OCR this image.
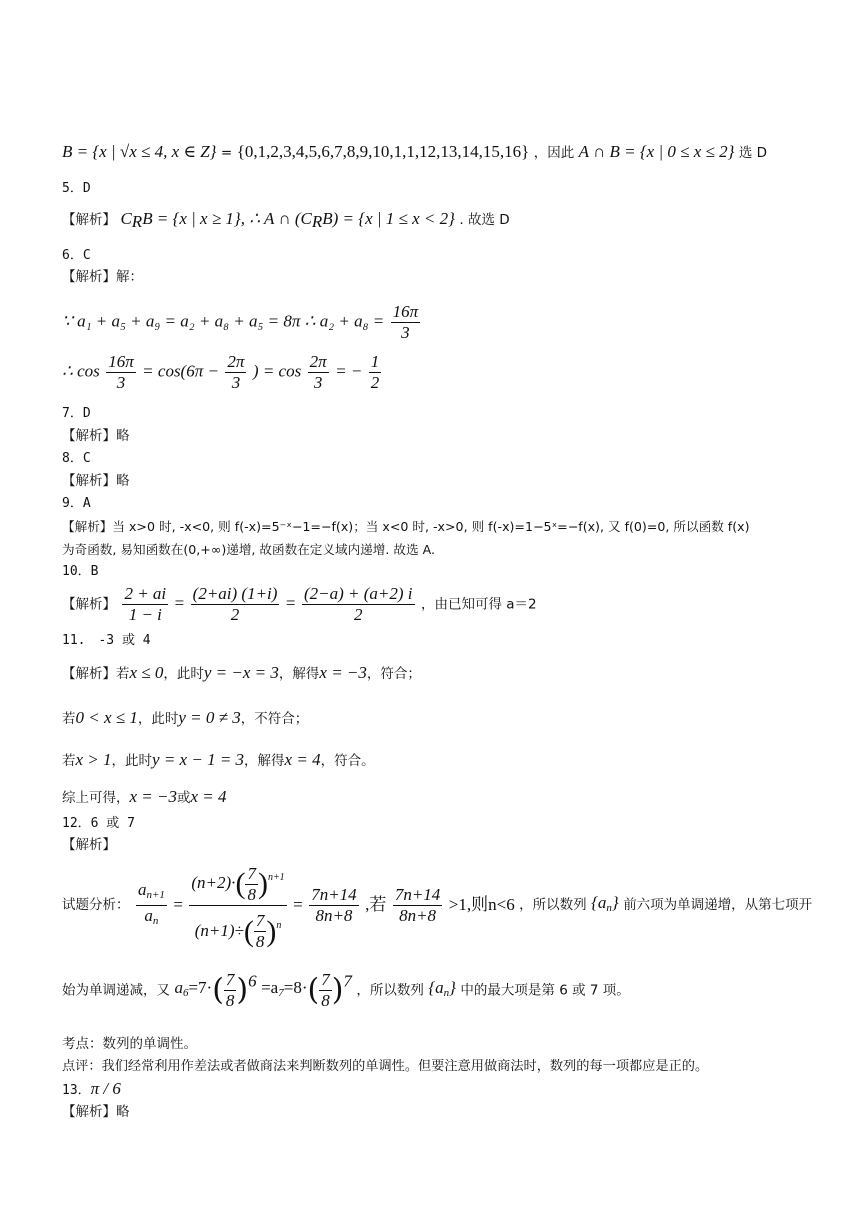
B = {x | √x ≤ 4, x ∈ Z} = {0,1,2,3,4,5,6,7,8,9,10,1,1,12,13,14,15,16} ，因此 A ∩ B = {x | 0 ≤ x ≤ 2} 选 D
5．D
【解析】 $C_RB = \{x$ | x ≥ 1}, ∴ A ∩ $(C_RB) = \{x$ | 1 ≤ x < 2} . 故选 D
6．C
【解析】解：
∵ a₁ + a₅ + a₉ = a₂ + a₈ + a₅ = 8π ∴ $a_2 + a_8 = \frac{16\pi}{3}$
∴ $\cos \frac{16\pi}{3} = \cos(6\pi - \frac{2\pi}{3}$ ) = $\cos \frac{2\pi}{3}$ = − $\frac{1}{2}$
7．D
【解析】略
8．C
【解析】略
9．A
【解析】当 x>0 时, -x<0, 则 f(-x)=5⁻ˣ−1=−f(x)；当 x<0 时, -x>0, 则 f(-x)=1−5ˣ=−f(x), 又 f(0)=0, 所以函数 f(x)
为奇函数, 易知函数在(0,+∞)递增, 故函数在定义域内递增. 故选 A.
10．B
【解析】 $\frac{2 + ai}{1 - i} = \frac{(2+ai) (1+i)}{2} = \frac{(2-a) + (a+2) i}{2}$ ，由已知可得 a＝2
11.　-3 或 4
【解析】若x ≤ 0，此时y = −x = 3，解得x = −3，符合；
若0 < x ≤ 1，此时y = 0 ≠ 3，不符合；
若x > 1，此时y = x − 1 = 3，解得x = 4，符合。
综上可得，x = −3或x = 4
12．6 或 7
【解析】
试题分析： $\frac{a_{n+1}}{a_n} = \frac{(n+2)\cdot( \frac{7}{8} )^{n+1}}{(n+1)\div( \frac{7}{8} )^n} = \frac{7n+14}{8n+8}$ ,若 $\frac{7n+14}{8n+8} >1$,则n<6 ，所以数列 $\{a_n\}$ 前六项为单调递增，从第七项开
始为单调递减，又 $a_6=7\cdot( \frac{7}{8} )^6 =a_7=8\cdot( \frac{7}{8} )^7$ ，所以数列 $\{a_n\}$ 中的最大项是第 6 或 7 项。
考点：数列的单调性。
点评：我们经常利用作差法或者做商法来判断数列的单调性。但要注意用做商法时，数列的每一项都应是正的。
13．π / 6
【解析】略
